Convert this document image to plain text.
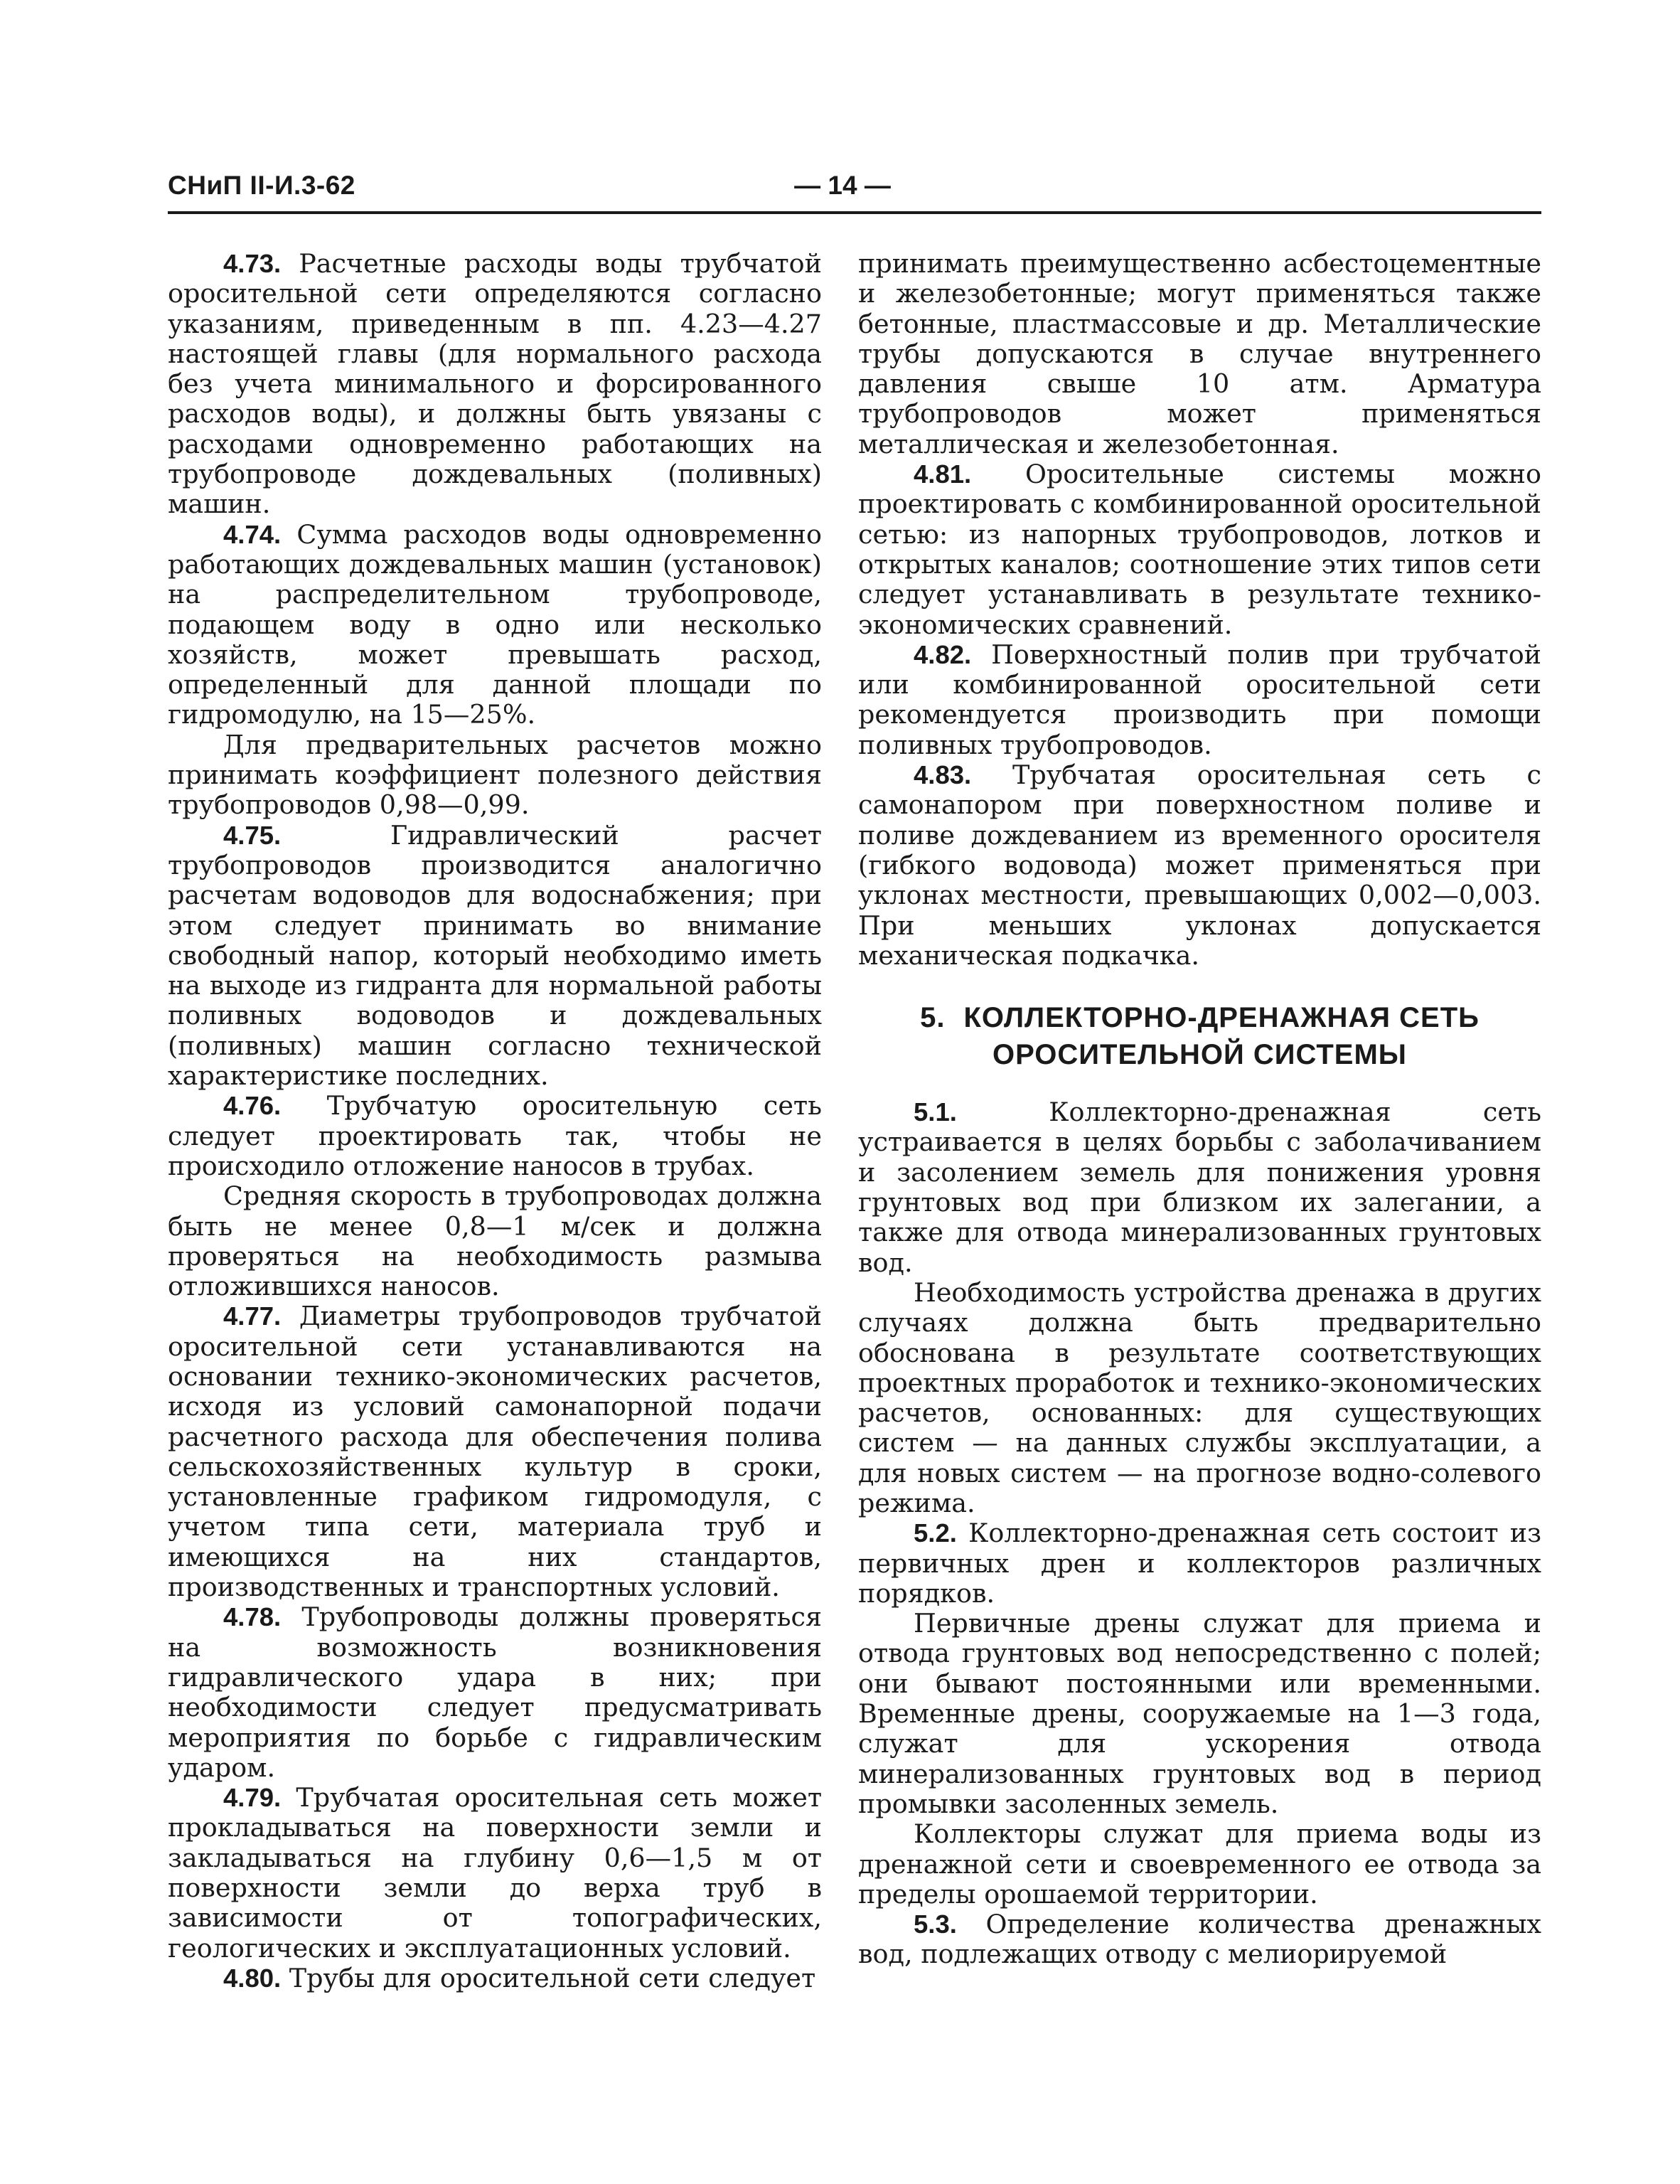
СНиП II-И.3-62	— 14 —

4.73. Расчетные расходы воды трубчатой оросительной сети определяются согласно указаниям, приведенным в пп. 4.23—4.27 настоящей главы (для нормального расхода без учета минимального и форсированного расходов воды), и должны быть увязаны с расходами одновременно работающих на трубопроводе дождевальных (поливных) машин.

4.74. Сумма расходов воды одновременно работающих дождевальных машин (установок) на распределительном трубопроводе, подающем воду в одно или несколько хозяйств, может превышать расход, определенный для данной площади по гидромодулю, на 15—25%.

Для предварительных расчетов можно принимать коэффициент полезного действия трубопроводов 0,98—0,99.

4.75.	Гидравлический расчет трубопроводов производится аналогично расчетам водоводов для водоснабжения; при этом следует принимать во внимание свободный напор, который необходимо иметь на выходе из гидранта для нормальной работы поливных водоводов и дождевальных (поливных) машин согласно технической характеристике последних.

4.76. Трубчатую оросительную сеть следует проектировать так, чтобы не происходило отложение наносов в трубах.

Средняя скорость в трубопроводах должна быть не менее 0,8—1 м/сек и должна проверяться на необходимость размыва отложившихся наносов.

4.77. Диаметры трубопроводов трубчатой оросительной сети устанавливаются на основании технико-экономических расчетов, исходя из условий самонапорной подачи расчетного расхода для обеспечения полива сельскохозяйственных культур в сроки, установленные графиком гидромодуля, с учетом типа сети, материала труб и имеющихся на них стандартов, производственных и транспортных условий.

4.78. Трубопроводы должны проверяться на возможность возникновения гидравлического удара в них; при необходимости следует предусматривать мероприятия по борьбе с гидравлическим ударом.

4.79. Трубчатая оросительная сеть может прокладываться на поверхности земли и закладываться на глубину 0,6—1,5 м от поверхности земли до верха труб в зависимости от топографических, геологических и эксплуатационных условий.

4.80. Трубы для оросительной сети следует

принимать преимущественно асбестоцементные и железобетонные; могут применяться также бетонные, пластмассовые и др. Металлические трубы допускаются в случае внутреннего давления свыше 10 атм. Арматура трубопроводов может применяться металлическая и железобетонная.

4.81. Оросительные системы можно проектировать с комбинированной оросительной сетью: из напорных трубопроводов, лотков и открытых каналов; соотношение этих типов сети следует устанавливать в результате технико-экономических сравнений.

4.82. Поверхностный полив при трубчатой или комбинированной оросительной сети рекомендуется производить при помощи поливных трубопроводов.

4.83. Трубчатая оросительная сеть с самонапором при поверхностном поливе и поливе дождеванием из временного оросителя (гибкого водовода) может применяться при уклонах местности, превышающих 0,002—0,003. При меньших уклонах допускается механическая подкачка.

5. КОЛЛЕКТОРНО-ДРЕНАЖНАЯ СЕТЬ
ОРОСИТЕЛЬНОЙ СИСТЕМЫ

5.1.	Коллекторно-дренажная сеть устраивается в целях борьбы с заболачиванием и засолением земель для понижения уровня грунтовых вод при близком их залегании, а также для отвода минерализованных грунтовых вод.

Необходимость устройства дренажа в других случаях должна быть предварительно обоснована в результате соответствующих проектных проработок и технико-экономических расчетов, основанных: для существующих систем — на данных службы эксплуатации, а для новых систем — на прогнозе водно-солевого режима.

5.2. Коллекторно-дренажная сеть состоит из первичных дрен и коллекторов различных порядков.

Первичные дрены служат для приема и отвода грунтовых вод непосредственно с полей; они бывают постоянными или временными. Временные дрены, сооружаемые на 1—3 года, служат для ускорения отвода минерализованных грунтовых вод в период промывки засоленных земель.

Коллекторы служат для приема воды из дренажной сети и своевременного ее отвода за пределы орошаемой территории.

5.3. Определение количества дренажных вод, подлежащих отводу с мелиорируемой
